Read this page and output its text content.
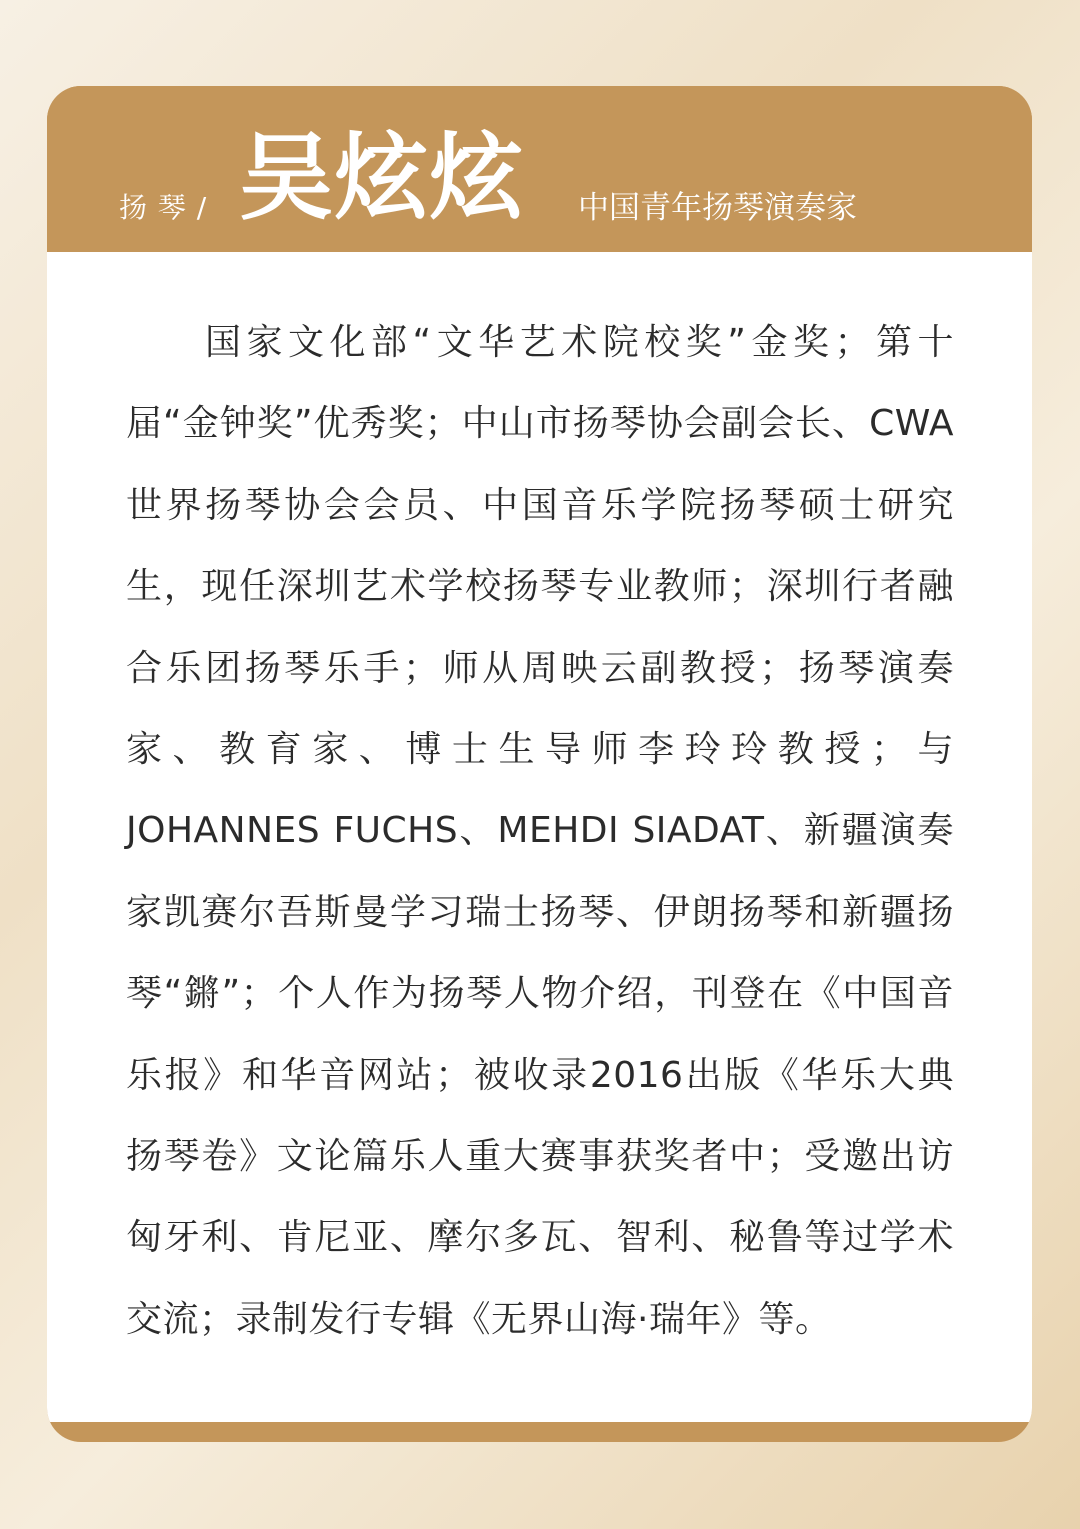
扬 琴 / 吴炫炫 中国青年扬琴演奏家

国家文化部“文华艺术院校奖”金奖；第十届“金钟奖”优秀奖；中山市扬琴协会副会长、CWA世界扬琴协会会员、中国音乐学院扬琴硕士研究生，现任深圳艺术学校扬琴专业教师；深圳行者融合乐团扬琴乐手；师从周映云副教授；扬琴演奏家、教育家、博士生导师李玲玲教授；与JOHANNES FUCHS、MEHDI SIADAT、新疆演奏家凯赛尔吾斯曼学习瑞士扬琴、伊朗扬琴和新疆扬琴“鏘”；个人作为扬琴人物介绍，刊登在《中国音乐报》和华音网站；被收录2016出版《华乐大典 扬琴卷》文论篇乐人重大赛事获奖者中；受邀出访匈牙利、肯尼亚、摩尔多瓦、智利、秘鲁等过学术交流；录制发行专辑《无界山海·瑞年》等。
